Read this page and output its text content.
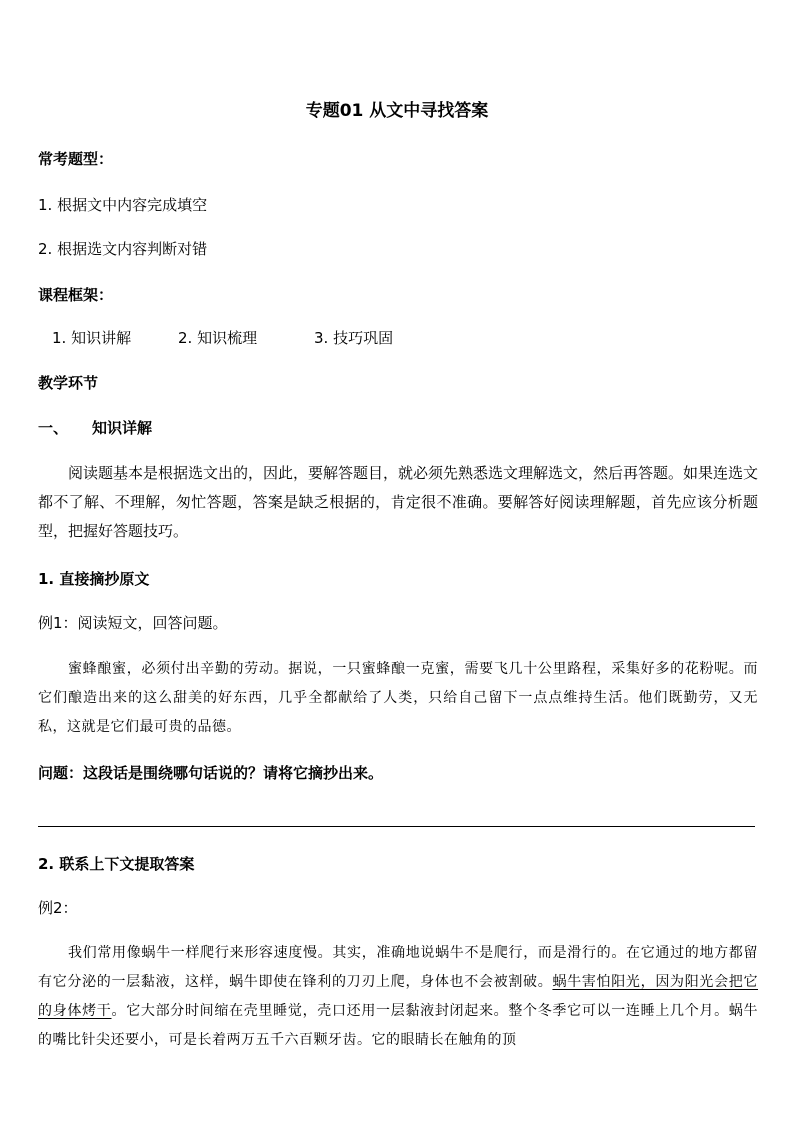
专题01 从文中寻找答案
常考题型：
1. 根据文中内容完成填空
2. 根据选文内容判断对错
课程框架：
1. 知识讲解	2. 知识梳理	3. 技巧巩固
教学环节
一、 知识详解

阅读题基本是根据选文出的，因此，要解答题目，就必须先熟悉选文理解选文，然后再答题。如果连选文都不了解、不理解，匆忙答题，答案是缺乏根据的，肯定很不准确。要解答好阅读理解题，首先应该分析题型，把握好答题技巧。

1. 直接摘抄原文
例1：阅读短文，回答问题。

蜜蜂酿蜜，必须付出辛勤的劳动。据说，一只蜜蜂酿一克蜜，需要飞几十公里路程，采集好多的花粉呢。而它们酿造出来的这么甜美的好东西，几乎全都献给了人类，只给自己留下一点点维持生活。他们既勤劳，又无私，这就是它们最可贵的品德。

问题：这段话是围绕哪句话说的？请将它摘抄出来。
2. 联系上下文提取答案
例2：

我们常用像蜗牛一样爬行来形容速度慢。其实，准确地说蜗牛不是爬行，而是滑行的。在它通过的地方都留有它分泌的一层黏液，这样，蜗牛即使在锋利的刀刃上爬，身体也不会被割破。蜗牛害怕阳光，因为阳光会把它的身体烤干。它大部分时间缩在壳里睡觉，壳口还用一层黏液封闭起来。整个冬季它可以一连睡上几个月。蜗牛的嘴比针尖还要小，可是长着两万五千六百颗牙齿。它的眼睛长在触角的顶
